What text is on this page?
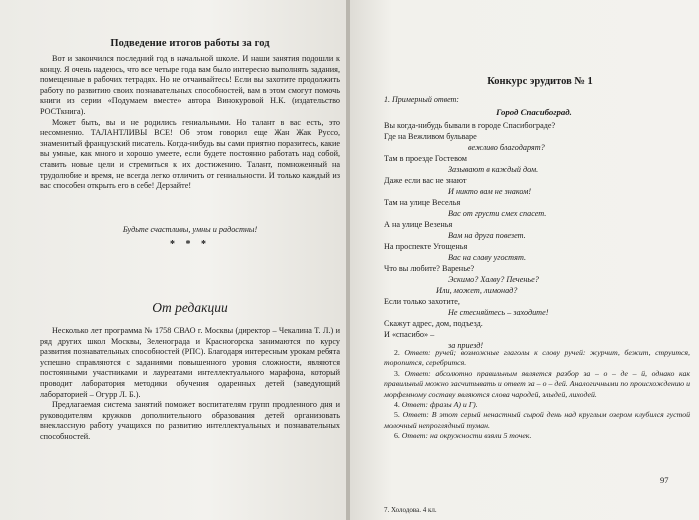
Подведение итогов работы за год

Вот и закончился последний год в начальной школе. И наши занятия подошли к концу. Я очень надеюсь, что все четыре года вам было интересно выполнять задания, помещенные в рабочих тетрадях. Но не отчаивайтесь! Если вы захотите продолжить работу по развитию своих познавательных способностей, вам в этом смогут помочь книги из серии «Подумаем вместе» автора Винокуровой Н.К. (издательство РОСТкнига).

Может быть, вы и не родились гениальными. Но талант в вас есть, это несомненно. ТАЛАНТЛИВЫ ВСЕ! Об этом говорил еще Жан Жак Руссо, знаменитый французский писатель. Когда-нибудь вы сами приятно поразитесь, какие вы умные, как много и хорошо умеете, если будете постоянно работать над собой, ставить новые цели и стремиться к их достижению. Талант, помноженный на трудолюбие и время, не всегда легко отличить от гениальности. И только каждый из вас способен открыть его в себе! Дерзайте!

Будьте счастливы, умны и радостны!
* * *
От редакции

Несколько лет программа № 1758 СВАО г. Москвы (директор – Чекалина Т. Л.) и ряд других школ Москвы, Зеленограда и Красногорска занимаются по курсу развития познавательных способностей (РПС). Благодаря интересным урокам ребята успешно справляются с заданиями повышенного уровня сложности, являются постоянными участниками и лауреатами интеллектуального марафона, который проводит лаборатория методики обучения одаренных детей (заведующий лабораторией – Огурр Л. Б.).

Предлагаемая система занятий поможет воспитателям групп продленного дня и руководителям кружков дополнительного образования детей организовать внеклассную работу учащихся по развитию интеллектуальных и познавательных способностей.

Конкурс эрудитов № 1
1. Примерный ответ:
Город Спасибоград.
Вы когда-нибудь бывали в городе Спасибограде?
Где на Вежливом бульваре
вежливо благодарят?
Там в проезде Гостевом
Зазывают в каждый дом.
Даже если вас не знают
И никто вам не знаком!
Там на улице Веселья
Вас от грусти смех спасет.
А на улице Везенья
Вам на друга повезет.
На проспекте Угощенья
Вас на славу угостят.
Что вы любите? Варенье?
Эскимо? Халву? Печенье?
Или, может, лимонад?
Если только захотите,
Не стесняйтесь – заходите!
Скажут адрес, дом, подъезд.
И «спасибо» –
за приезд!

2. Ответ: ручей; возможные глаголы к слову ручей: журчит, бежит, струится, торопится, серебрится.

3. Ответ: абсолютно правильным является разбор за – о – де – й, однако как правильный можно засчитывать и ответ за – о – дей. Аналогичными по происхождению и морфемному составу являются слова чародей, злыдей, лиходей.

4. Ответ: фразы А) и Г).

5. Ответ: В этот серый ненастный сырой день над круглым озером клубился густой молочный непроглядный туман.

6. Ответ: на окружности взяли 5 точек.

97
7. Холодова. 4 кл.
